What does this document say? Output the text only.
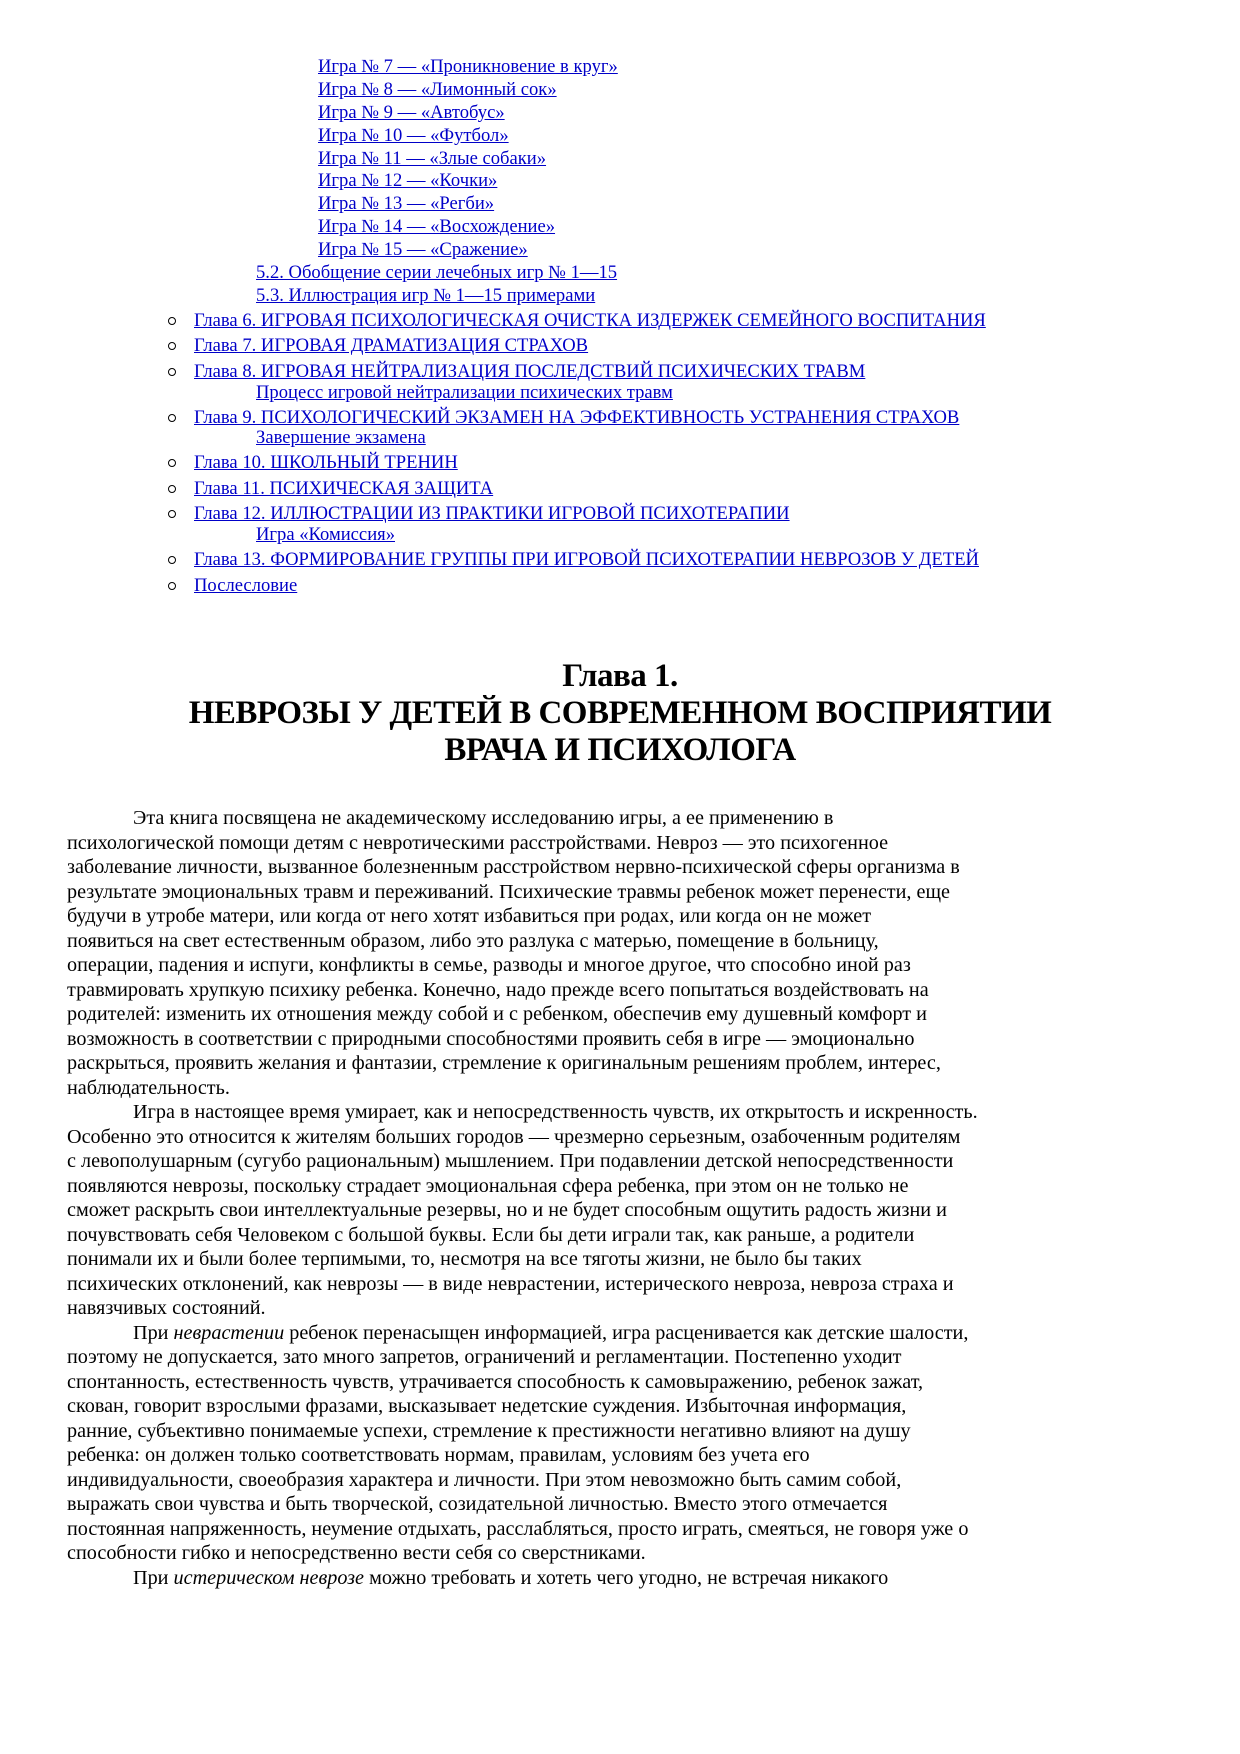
Игра № 7 — «Проникновение в круг»
Игра № 8 — «Лимонный сок»
Игра № 9 — «Автобус»
Игра № 10 — «Футбол»
Игра № 11 — «Злые собаки»
Игра № 12 — «Кочки»
Игра № 13 — «Регби»
Игра № 14 — «Восхождение»
Игра № 15 — «Сражение»
5.2. Обобщение серии лечебных игр № 1—15
5.3. Иллюстрация игр № 1—15 примерами
Глава 6. ИГРОВАЯ ПСИХОЛОГИЧЕСКАЯ ОЧИСТКА ИЗДЕРЖЕК СЕМЕЙНОГО ВОСПИТАНИЯ
Глава 7. ИГРОВАЯ ДРАМАТИЗАЦИЯ СТРАХОВ
Глава 8. ИГРОВАЯ НЕЙТРАЛИЗАЦИЯ ПОСЛЕДСТВИЙ ПСИХИЧЕСКИХ ТРАВМ
Процесс игровой нейтрализации психических травм
Глава 9. ПСИХОЛОГИЧЕСКИЙ ЭКЗАМЕН НА ЭФФЕКТИВНОСТЬ УСТРАНЕНИЯ СТРАХОВ
Завершение экзамена
Глава 10. ШКОЛЬНЫЙ ТРЕНИН
Глава 11. ПСИХИЧЕСКАЯ ЗАЩИТА
Глава 12. ИЛЛЮСТРАЦИИ ИЗ ПРАКТИКИ ИГРОВОЙ ПСИХОТЕРАПИИ
Игра «Комиссия»
Глава 13. ФОРМИРОВАНИЕ ГРУППЫ ПРИ ИГРОВОЙ ПСИХОТЕРАПИИ НЕВРОЗОВ У ДЕТЕЙ
Послесловие
Глава 1.
НЕВРОЗЫ У ДЕТЕЙ В СОВРЕМЕННОМ ВОСПРИЯТИИ
ВРАЧА И ПСИХОЛОГА
Эта книга посвящена не академическому исследованию игры, а ее применению в
психологической помощи детям с невротическими расстройствами. Невроз — это психогенное
заболевание личности, вызванное болезненным расстройством нервно-психической сферы организма в
результате эмоциональных травм и переживаний. Психические травмы ребенок может перенести, еще
будучи в утробе матери, или когда от него хотят избавиться при родах, или когда он не может
появиться на свет естественным образом, либо это разлука с матерью, помещение в больницу,
операции, падения и испуги, конфликты в семье, разводы и многое другое, что способно иной раз
травмировать хрупкую психику ребенка. Конечно, надо прежде всего попытаться воздействовать на
родителей: изменить их отношения между собой и с ребенком, обеспечив ему душевный комфорт и
возможность в соответствии с природными способностями проявить себя в игре — эмоционально
раскрыться, проявить желания и фантазии, стремление к оригинальным решениям проблем, интерес,
наблюдательность.
Игра в настоящее время умирает, как и непосредственность чувств, их открытость и искренность.
Особенно это относится к жителям больших городов — чрезмерно серьезным, озабоченным родителям
с левополушарным (сугубо рациональным) мышлением. При подавлении детской непосредственности
появляются неврозы, поскольку страдает эмоциональная сфера ребенка, при этом он не только не
сможет раскрыть свои интеллектуальные резервы, но и не будет способным ощутить радость жизни и
почувствовать себя Человеком с большой буквы. Если бы дети играли так, как раньше, а родители
понимали их и были более терпимыми, то, несмотря на все тяготы жизни, не было бы таких
психических отклонений, как неврозы — в виде неврастении, истерического невроза, невроза страха и
навязчивых состояний.
При неврастении ребенок перенасыщен информацией, игра расценивается как детские шалости,
поэтому не допускается, зато много запретов, ограничений и регламентации. Постепенно уходит
спонтанность, естественность чувств, утрачивается способность к самовыражению, ребенок зажат,
скован, говорит взрослыми фразами, высказывает недетские суждения. Избыточная информация,
ранние, субъективно понимаемые успехи, стремление к престижности негативно влияют на душу
ребенка: он должен только соответствовать нормам, правилам, условиям без учета его
индивидуальности, своеобразия характера и личности. При этом невозможно быть самим собой,
выражать свои чувства и быть творческой, созидательной личностью. Вместо этого отмечается
постоянная напряженность, неумение отдыхать, расслабляться, просто играть, смеяться, не говоря уже о
способности гибко и непосредственно вести себя со сверстниками.
При истерическом неврозе можно требовать и хотеть чего угодно, не встречая никакого
